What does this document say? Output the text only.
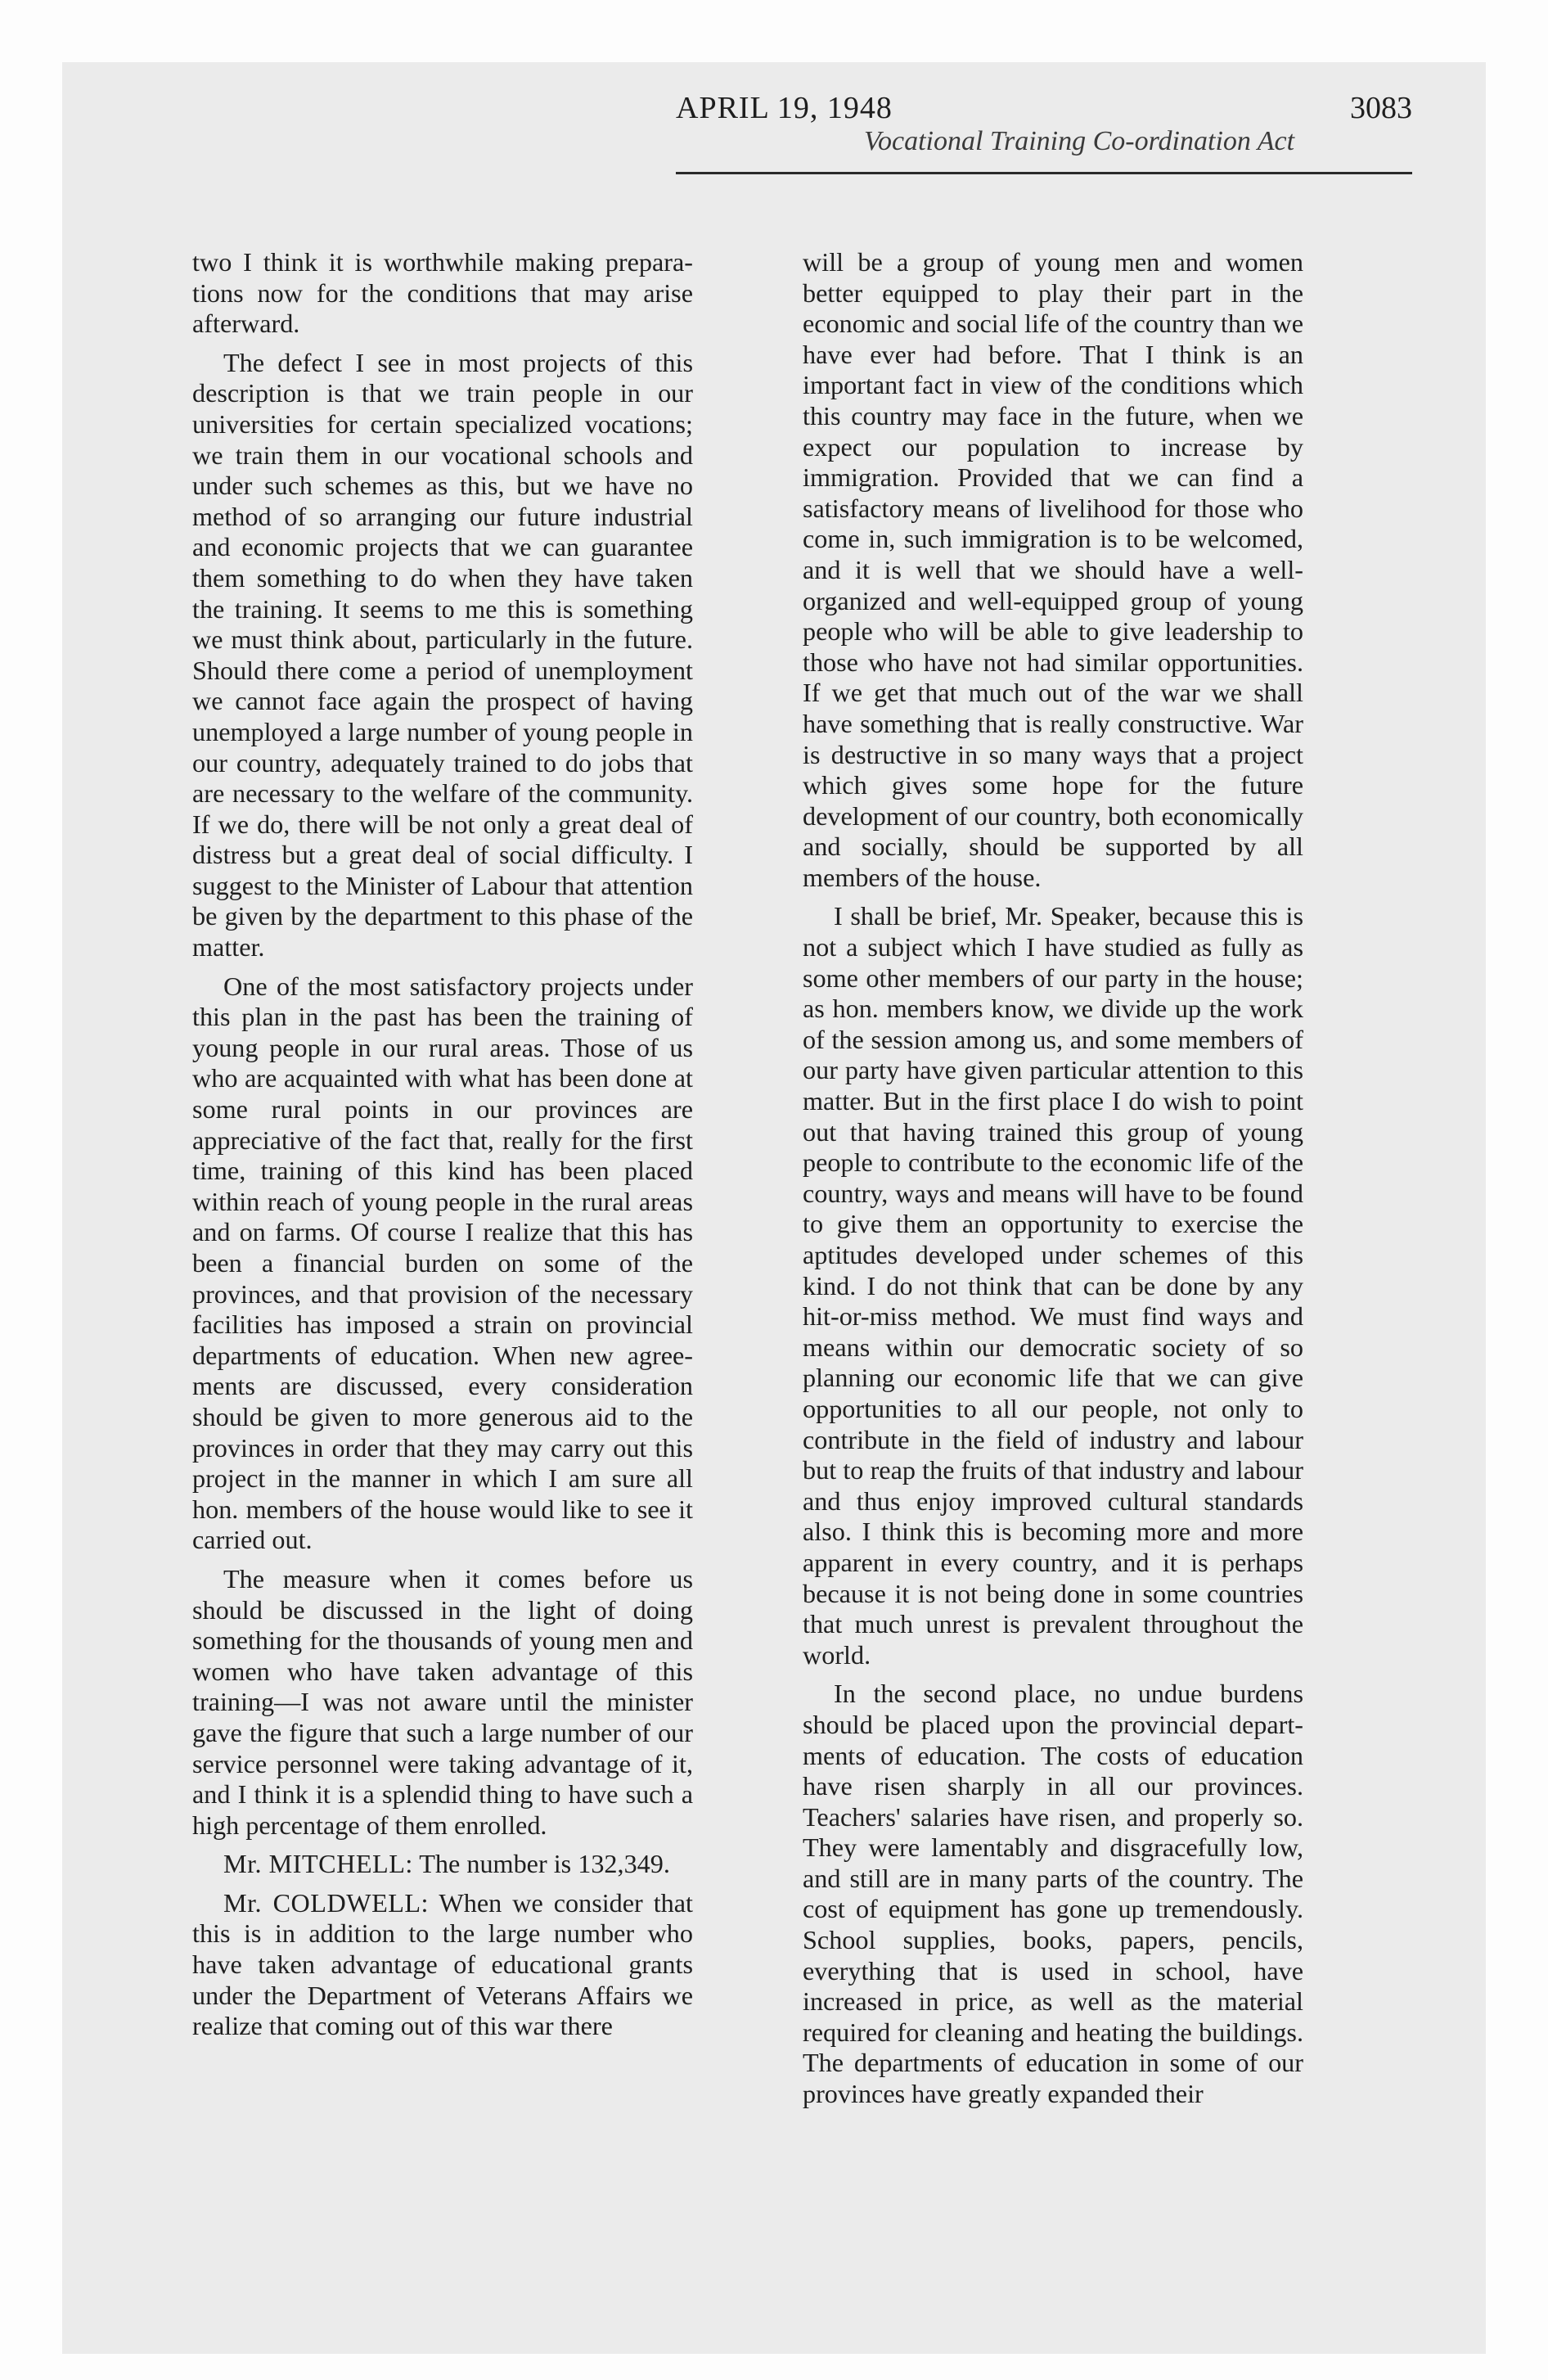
APRIL 19, 1948	3083
Vocational Training Co-ordination Act

two I think it is worthwhile making preparations now for the conditions that may arise afterward.

The defect I see in most projects of this description is that we train people in our universities for certain specialized vocations; we train them in our vocational schools and under such schemes as this, but we have no method of so arranging our future industrial and economic projects that we can guarantee them something to do when they have taken the training. It seems to me this is something we must think about, particularly in the future. Should there come a period of unemployment we cannot face again the prospect of having unemployed a large number of young people in our country, adequately trained to do jobs that are necessary to the welfare of the community. If we do, there will be not only a great deal of distress but a great deal of social difficulty. I suggest to the Minister of Labour that attention be given by the department to this phase of the matter.

One of the most satisfactory projects under this plan in the past has been the training of young people in our rural areas. Those of us who are acquainted with what has been done at some rural points in our provinces are appreciative of the fact that, really for the first time, training of this kind has been placed within reach of young people in the rural areas and on farms. Of course I realize that this has been a financial burden on some of the provinces, and that provision of the necessary facilities has imposed a strain on provincial departments of education. When new agreements are discussed, every consideration should be given to more generous aid to the provinces in order that they may carry out this project in the manner in which I am sure all hon. members of the house would like to see it carried out.

The measure when it comes before us should be discussed in the light of doing something for the thousands of young men and women who have taken advantage of this training—I was not aware until the minister gave the figure that such a large number of our service personnel were taking advantage of it, and I think it is a splendid thing to have such a high percentage of them enrolled.

Mr. MITCHELL: The number is 132,349.

Mr. COLDWELL: When we consider that this is in addition to the large number who have taken advantage of educational grants under the Department of Veterans Affairs we realize that coming out of this war there

will be a group of young men and women better equipped to play their part in the economic and social life of the country than we have ever had before. That I think is an important fact in view of the conditions which this country may face in the future, when we expect our population to increase by immigration. Provided that we can find a satisfactory means of livelihood for those who come in, such immigration is to be welcomed, and it is well that we should have a well-organized and well-equipped group of young people who will be able to give leadership to those who have not had similar opportunities. If we get that much out of the war we shall have something that is really constructive. War is destructive in so many ways that a project which gives some hope for the future development of our country, both economically and socially, should be supported by all members of the house.

I shall be brief, Mr. Speaker, because this is not a subject which I have studied as fully as some other members of our party in the house; as hon. members know, we divide up the work of the session among us, and some members of our party have given particular attention to this matter. But in the first place I do wish to point out that having trained this group of young people to contribute to the economic life of the country, ways and means will have to be found to give them an opportunity to exercise the aptitudes developed under schemes of this kind. I do not think that can be done by any hit-or-miss method. We must find ways and means within our democratic society of so planning our economic life that we can give opportunities to all our people, not only to contribute in the field of industry and labour but to reap the fruits of that industry and labour and thus enjoy improved cultural standards also. I think this is becoming more and more apparent in every country, and it is perhaps because it is not being done in some countries that much unrest is prevalent throughout the world.

In the second place, no undue burdens should be placed upon the provincial departments of education. The costs of education have risen sharply in all our provinces. Teachers' salaries have risen, and properly so. They were lamentably and disgracefully low, and still are in many parts of the country. The cost of equipment has gone up tremendously. School supplies, books, papers, pencils, everything that is used in school, have increased in price, as well as the material required for cleaning and heating the buildings. The departments of education in some of our provinces have greatly expanded their
